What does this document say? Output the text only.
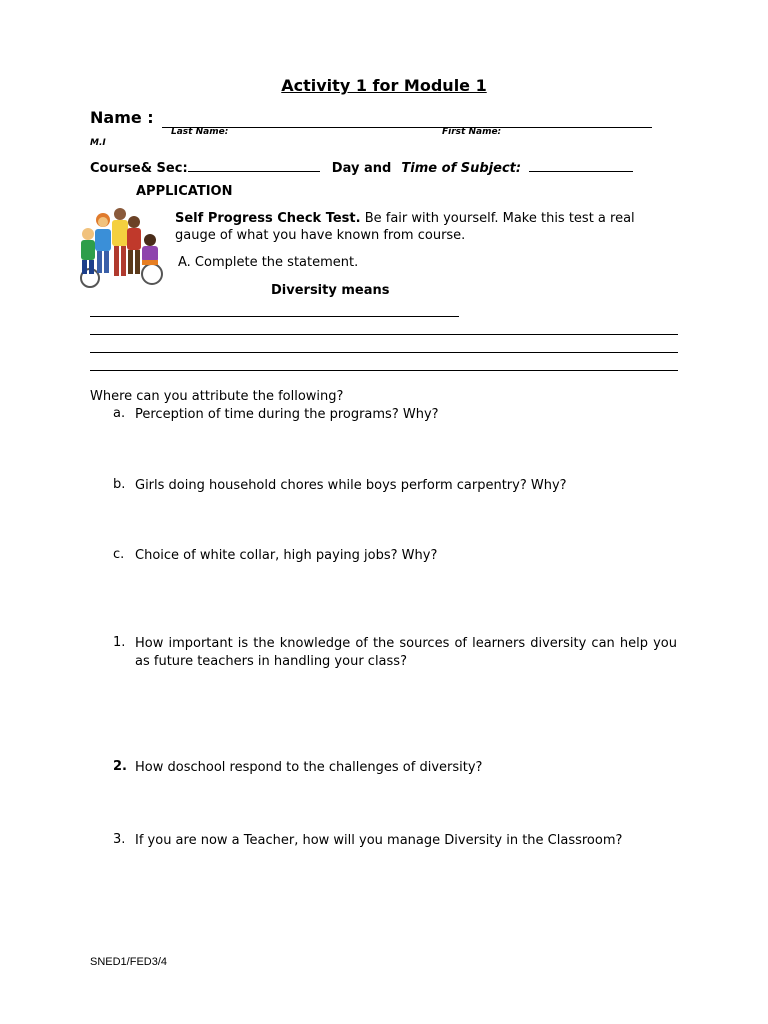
Activity 1 for Module 1
Name :
Last Name:	First Name:
M.I
Course& Sec:	Day and Time of Subject:
APPLICATION
Self Progress Check Test. Be fair with yourself. Make this test a real
gauge of what you have known from course.
A. Complete the statement.
Diversity means
Where can you attribute the following?
a. Perception of time during the programs? Why?
b. Girls doing household chores while boys perform carpentry? Why?
c. Choice of white collar, high paying jobs? Why?
1. How important is the knowledge of the sources of learners diversity can help you as future teachers in handling your class?
2. How doschool respond to the challenges of diversity?
3. If you are now a Teacher, how will you manage Diversity in the Classroom?
SNED1/FED3/4
